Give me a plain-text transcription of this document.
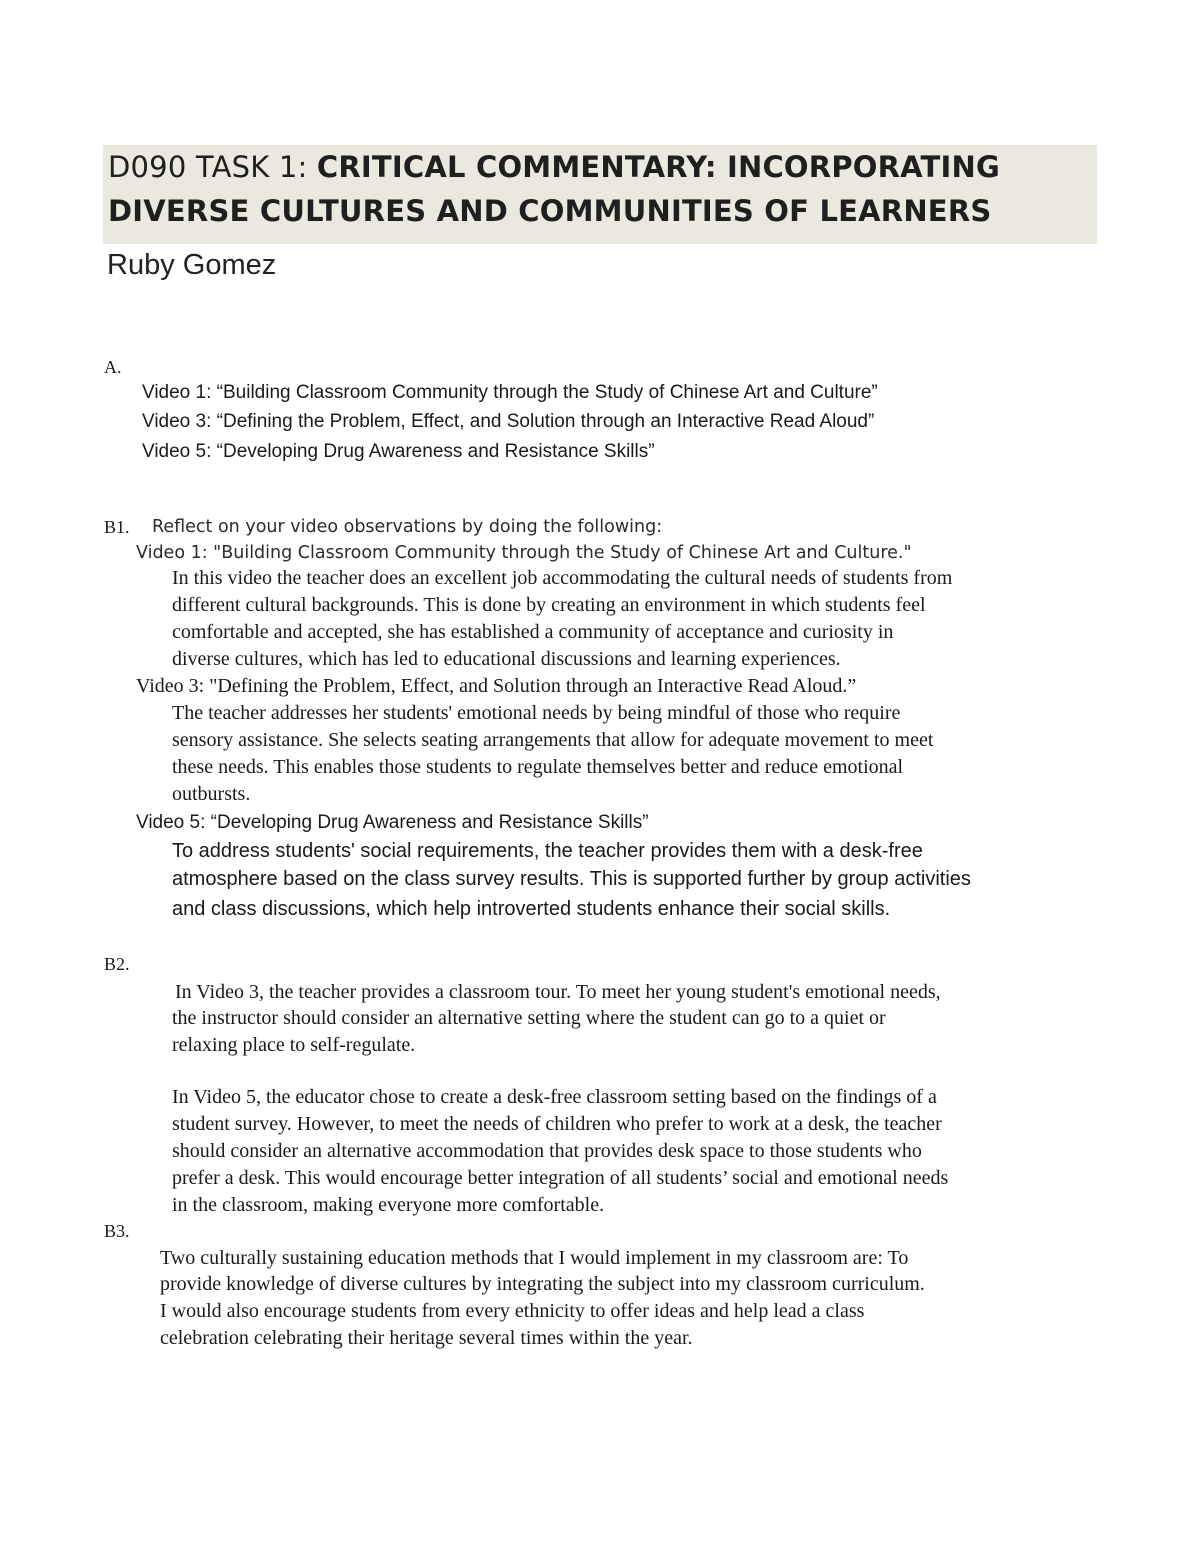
D090 TASK 1: CRITICAL COMMENTARY: INCORPORATING
DIVERSE CULTURES AND COMMUNITIES OF LEARNERS
Ruby Gomez
A.
Video 1: “Building Classroom Community through the Study of Chinese Art and Culture”
Video 3: “Defining the Problem, Effect, and Solution through an Interactive Read Aloud”
Video 5: “Developing Drug Awareness and Resistance Skills”
B1. Reflect on your video observations by doing the following:
Video 1: "Building Classroom Community through the Study of Chinese Art and Culture."
In this video the teacher does an excellent job accommodating the cultural needs of students from
different cultural backgrounds. This is done by creating an environment in which students feel
comfortable and accepted, she has established a community of acceptance and curiosity in
diverse cultures, which has led to educational discussions and learning experiences.
Video 3: "Defining the Problem, Effect, and Solution through an Interactive Read Aloud.”
The teacher addresses her students' emotional needs by being mindful of those who require
sensory assistance. She selects seating arrangements that allow for adequate movement to meet
these needs. This enables those students to regulate themselves better and reduce emotional
outbursts.
Video 5: “Developing Drug Awareness and Resistance Skills”
To address students' social requirements, the teacher provides them with a desk-free
atmosphere based on the class survey results. This is supported further by group activities
and class discussions, which help introverted students enhance their social skills.
B2.
In Video 3, the teacher provides a classroom tour. To meet her young student's emotional needs,
the instructor should consider an alternative setting where the student can go to a quiet or
relaxing place to self-regulate.
In Video 5, the educator chose to create a desk-free classroom setting based on the findings of a
student survey. However, to meet the needs of children who prefer to work at a desk, the teacher
should consider an alternative accommodation that provides desk space to those students who
prefer a desk. This would encourage better integration of all students’ social and emotional needs
in the classroom, making everyone more comfortable.
B3.
Two culturally sustaining education methods that I would implement in my classroom are: To
provide knowledge of diverse cultures by integrating the subject into my classroom curriculum.
I would also encourage students from every ethnicity to offer ideas and help lead a class
celebration celebrating their heritage several times within the year.
